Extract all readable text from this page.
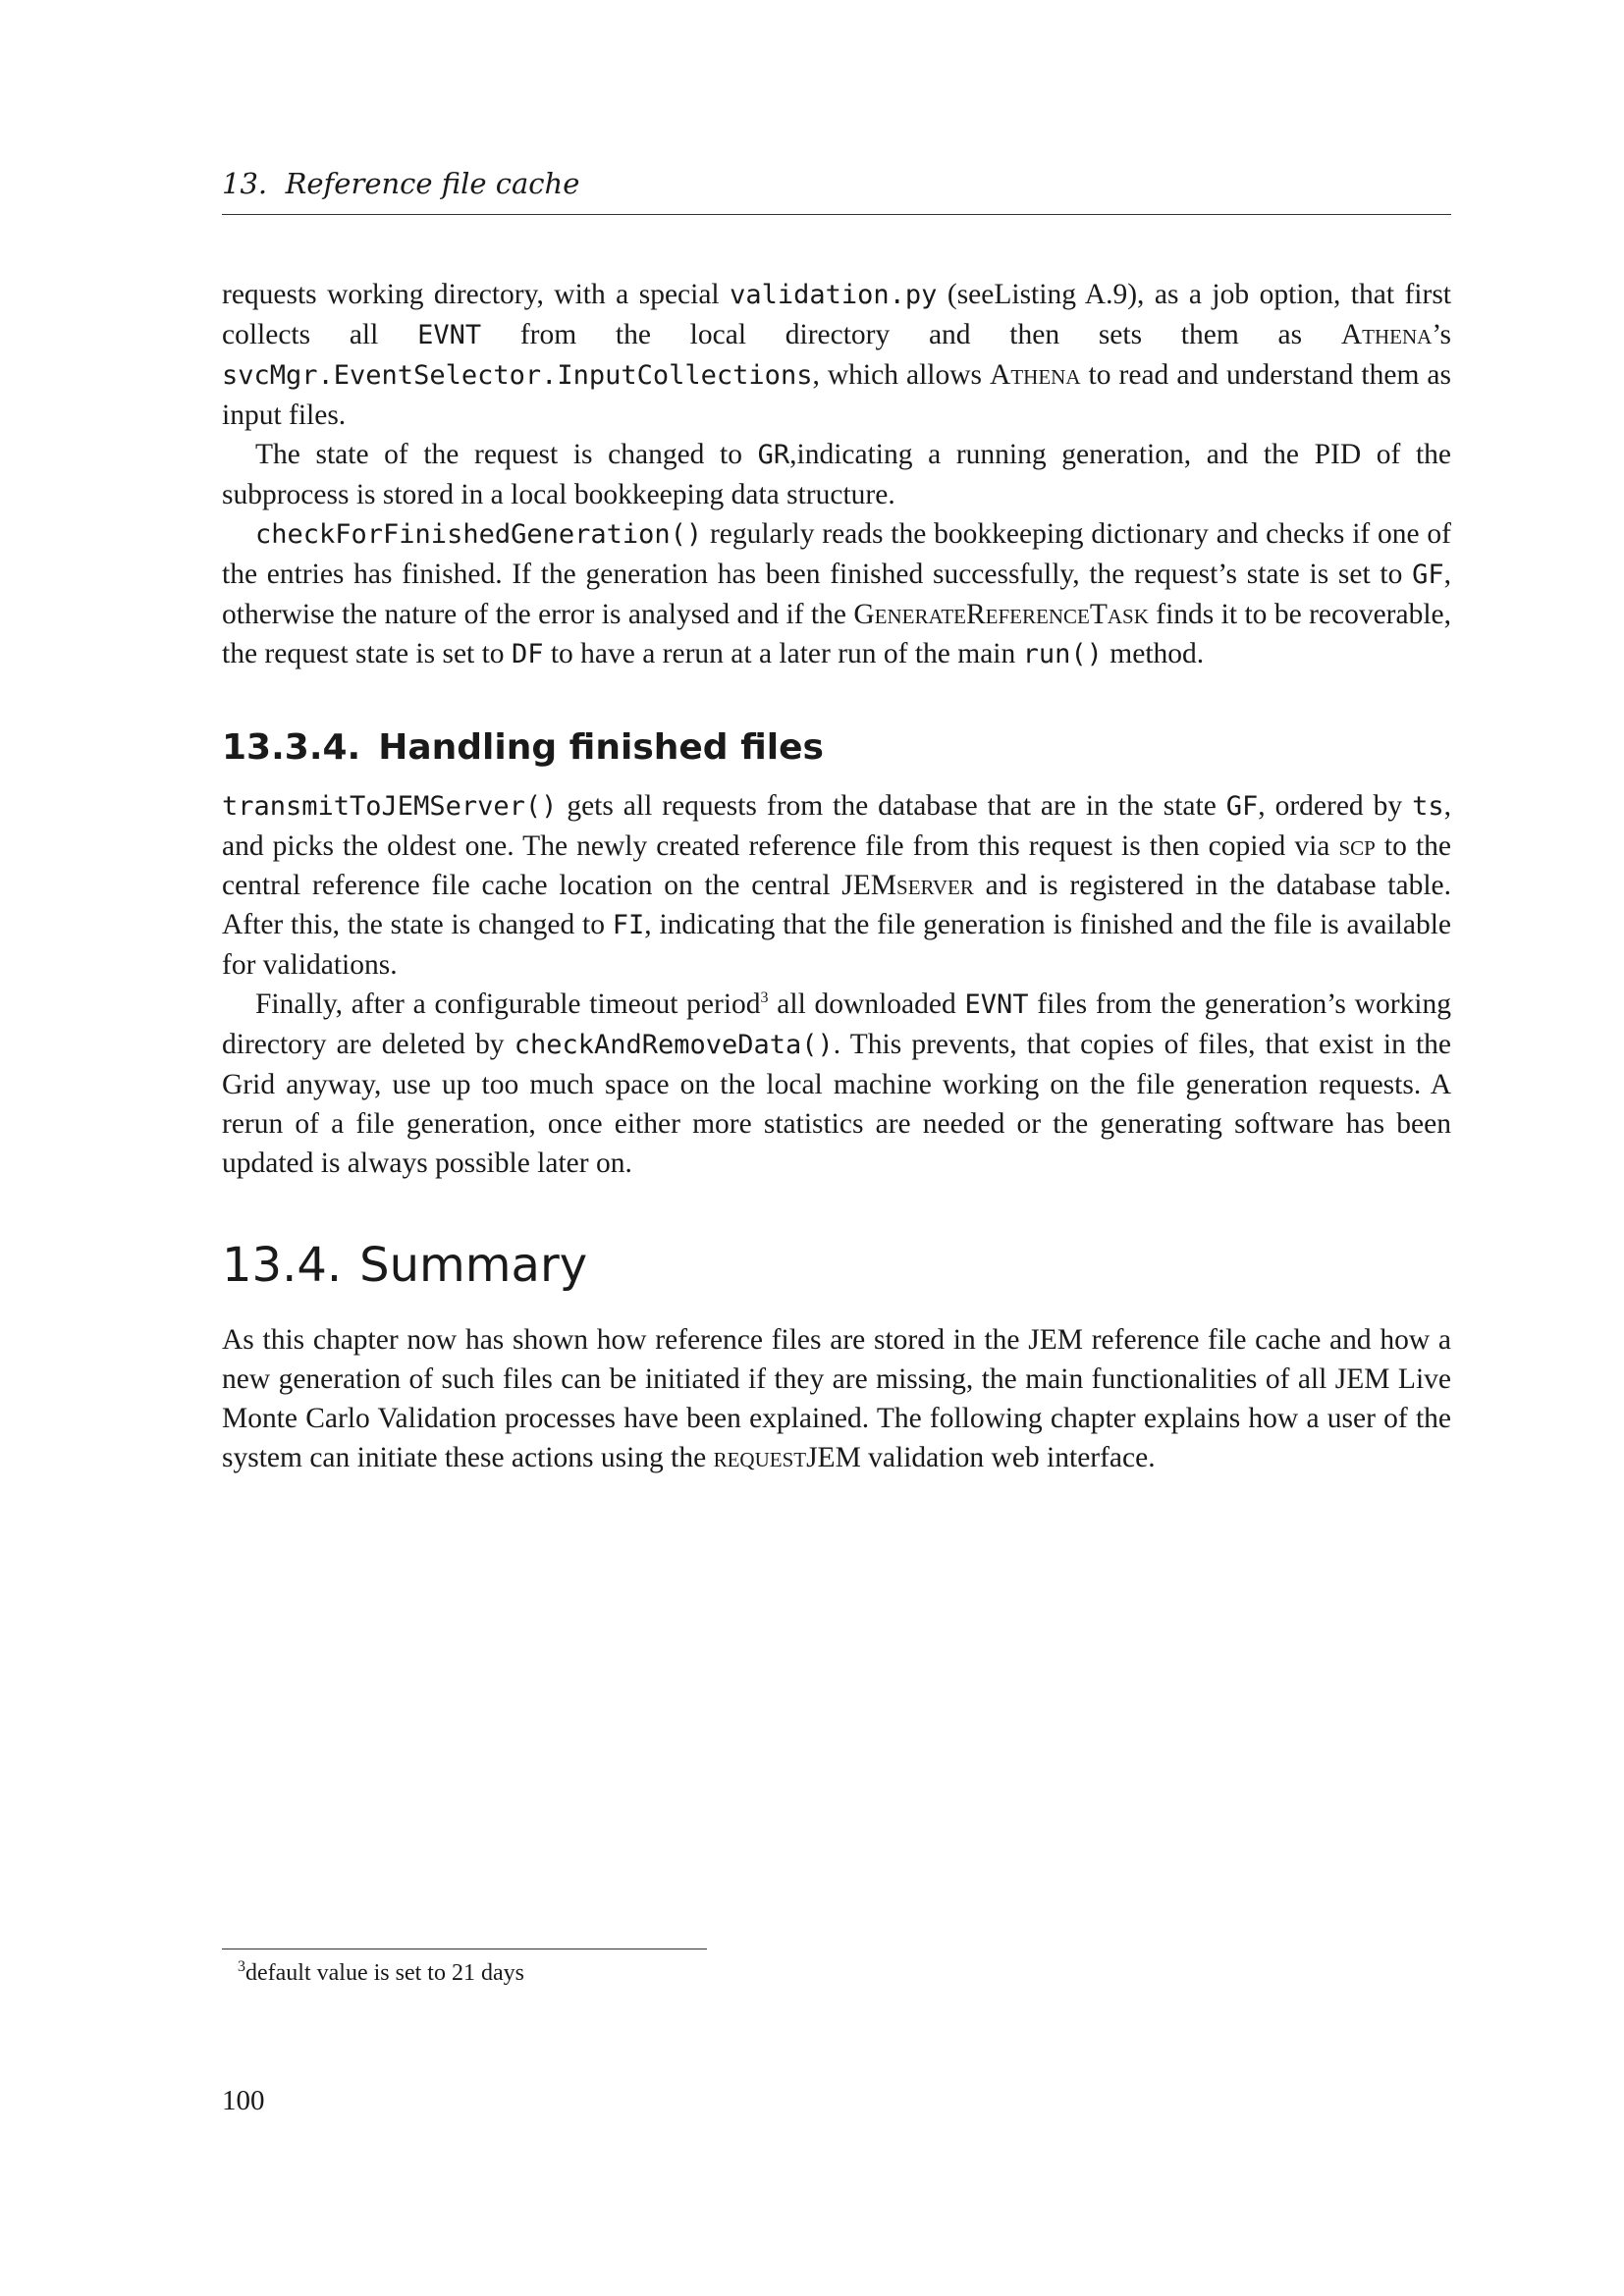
13. Reference file cache

requests working directory, with a special validation.py (seeListing A.9), as a job option, that first collects all EVNT from the local directory and then sets them as Athena’s svcMgr.EventSelector.InputCollections, which allows Athena to read and understand them as input files.

The state of the request is changed to GR,indicating a running generation, and the PID of the subprocess is stored in a local bookkeeping data structure.

checkForFinishedGeneration() regularly reads the bookkeeping dictionary and checks if one of the entries has finished. If the generation has been finished successfully, the request’s state is set to GF, otherwise the nature of the error is analysed and if the GenerateReferenceTask finds it to be recoverable, the request state is set to DF to have a rerun at a later run of the main run() method.

13.3.4. Handling finished files

transmitToJEMServer() gets all requests from the database that are in the state GF, ordered by ts, and picks the oldest one. The newly created reference file from this request is then copied via scp to the central reference file cache location on the central JEMserver and is registered in the database table. After this, the state is changed to FI, indicating that the file generation is finished and the file is available for validations.

Finally, after a configurable timeout period$^3$ all downloaded EVNT files from the generation’s working directory are deleted by checkAndRemoveData(). This prevents, that copies of files, that exist in the Grid anyway, use up too much space on the local machine working on the file generation requests. A rerun of a file generation, once either more statistics are needed or the generating software has been updated is always possible later on.

13.4. Summary

As this chapter now has shown how reference files are stored in the JEM reference file cache and how a new generation of such files can be initiated if they are missing, the main functionalities of all JEM Live Monte Carlo Validation processes have been explained. The following chapter explains how a user of the system can initiate these actions using the requestJEM validation web interface.

$^3$default value is set to 21 days
100
